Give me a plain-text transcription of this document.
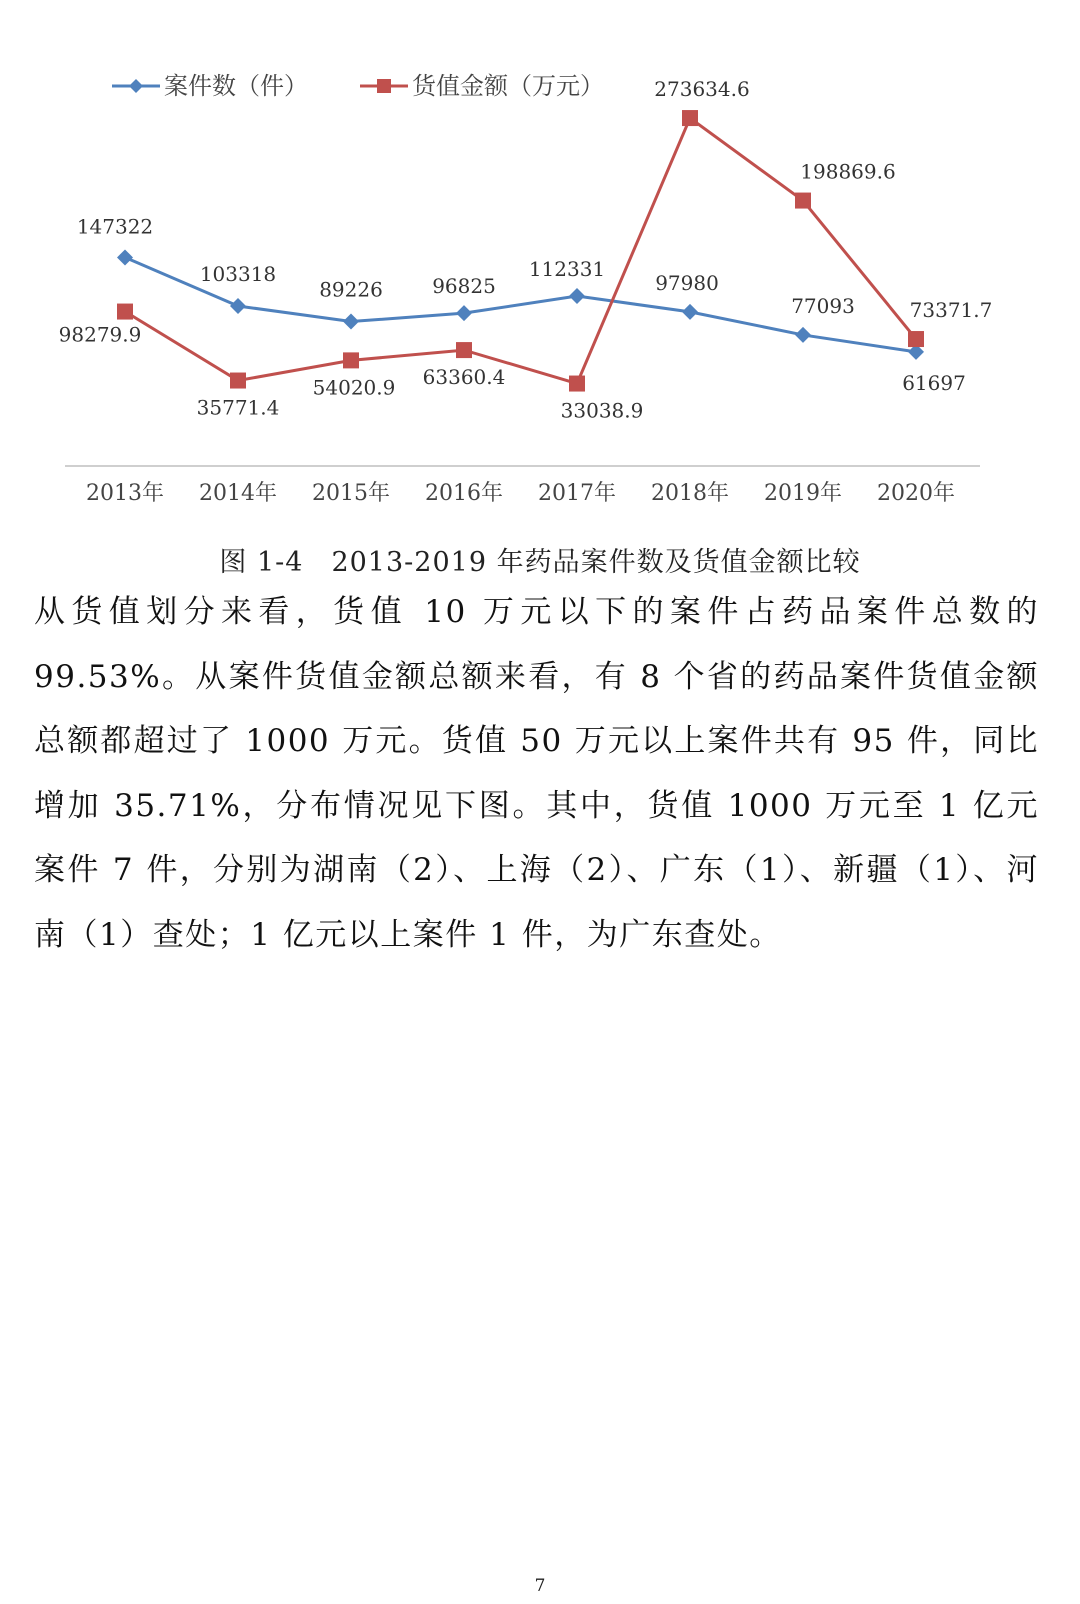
案件数（件）	货值金额（万元）
2013年 2014年 2015年 2016年 2017年 2018年 2019年 2020年
147322
103318
89226 96825
112331
97980
77093
61697
98279.9
35771.4
54020.9 63360.4
33038.9
273634.6
198869.6
73371.7
图 1-4　2013-2019 年药品案件数及货值金额比较

从货值划分来看，货值 10 万元以下的案件占药品案件总数的 99.53%。从案件货值金额总额来看，有 8 个省的药品案件货值金额总额都超过了 1000 万元。货值 50 万元以上案件共有 95 件，同比增加 35.71%，分布情况见下图。其中，货值 1000 万元至 1 亿元案件 7 件，分别为湖南（2）、上海（2）、广东（1）、新疆（1）、河南（1）查处；1 亿元以上案件 1 件，为广东查处。

7
